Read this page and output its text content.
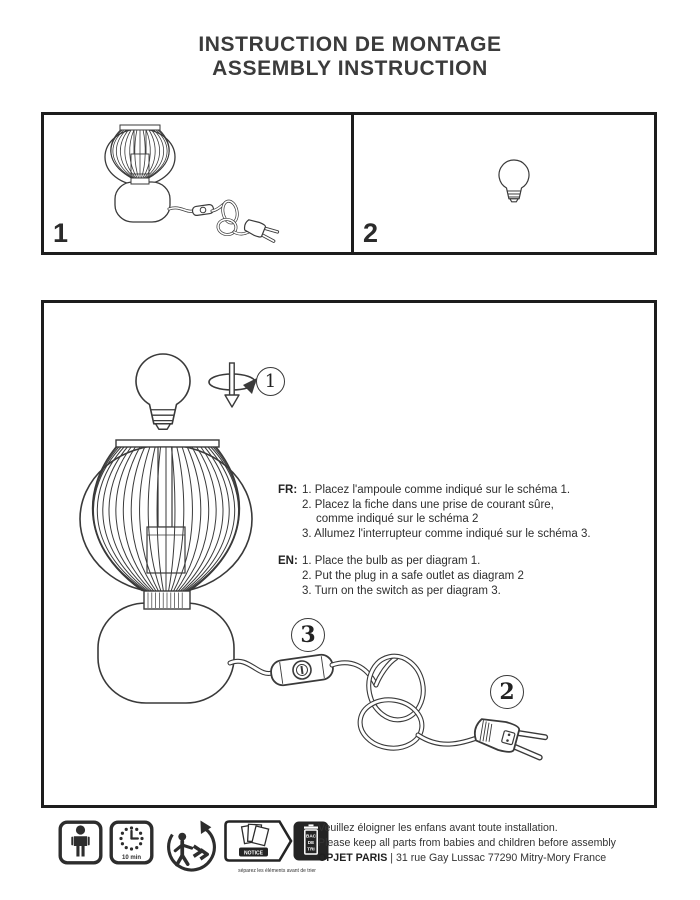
INSTRUCTION DE MONTAGE
ASSEMBLY INSTRUCTION
1	2
1
3
2
FR: 1. Placez l'ampoule comme indiqué sur le schéma 1.
2. Placez la fiche dans une prise de courant sûre,
comme indiqué sur le schéma 2
3. Allumez l'interrupteur comme indiqué sur le schéma 3.
EN: 1. Place the bulb as per diagram 1.
2. Put the plug in a safe outlet as diagram 2
3. Turn on the switch as per diagram 3.
10 min
NOTICE
BAC
DE
TRI
séparez les éléments avant de trier
Veuillez éloigner les enfans avant toute installation.
Please keep all parts from babies and children before assembly
OPJET PARIS | 31 rue Gay Lussac 77290 Mitry-Mory France
